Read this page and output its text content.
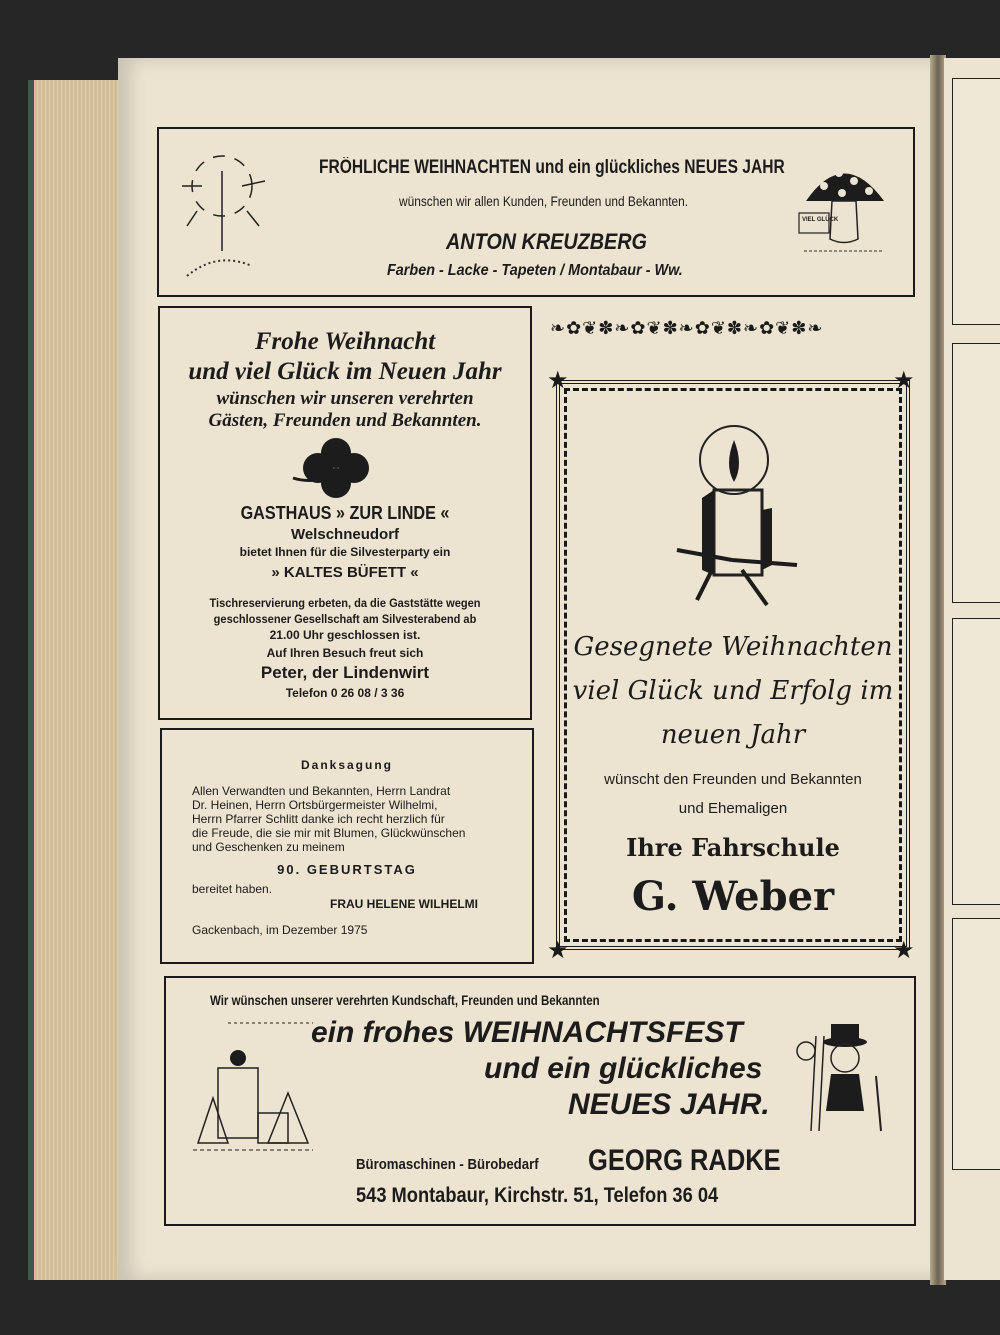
FRÖHLICHE WEIHNACHTEN und ein glückliches NEUES JAHR
wünschen wir allen Kunden, Freunden und Bekannten.
ANTON KREUZBERG
Farben - Lacke - Tapeten / Montabaur - Ww.
VIEL GLÜCK
Frohe Weihnacht
und viel Glück im Neuen Jahr
wünschen wir unseren verehrten
Gästen, Freunden und Bekannten.
GASTHAUS » ZUR LINDE «
Welschneudorf
bietet Ihnen für die Silvesterparty ein
» KALTES BÜFETT «
Tischreservierung erbeten, da die Gaststätte wegen
geschlossener Gesellschaft am Silvesterabend ab
21.00 Uhr geschlossen ist.
Auf Ihren Besuch freut sich
Peter, der Lindenwirt
Telefon 0 26 08 / 3 36
Danksagung
Allen Verwandten und Bekannten, Herrn Landrat
Dr. Heinen, Herrn Ortsbürgermeister Wilhelmi,
Herrn Pfarrer Schlitt danke ich recht herzlich für
die Freude, die sie mir mit Blumen, Glückwünschen
und Geschenken zu meinem
90. GEBURTSTAG
bereitet haben.
FRAU HELENE WILHELMI
Gackenbach, im Dezember 1975
❧✿❦✽❧✿❦✽❧✿❦✽❧✿❦✽❧
★	★
★	★
Gesegnete Weihnachten
viel Glück und Erfolg im
neuen Jahr
wünscht den Freunden und Bekannten
und Ehemaligen
Ihre Fahrschule
G. Weber
Wir wünschen unserer verehrten Kundschaft, Freunden und Bekannten
ein frohes WEIHNACHTSFEST
und ein glückliches
NEUES JAHR.
Büromaschinen - Bürobedarf GEORG RADKE
543 Montabaur, Kirchstr. 51, Telefon 36 04
